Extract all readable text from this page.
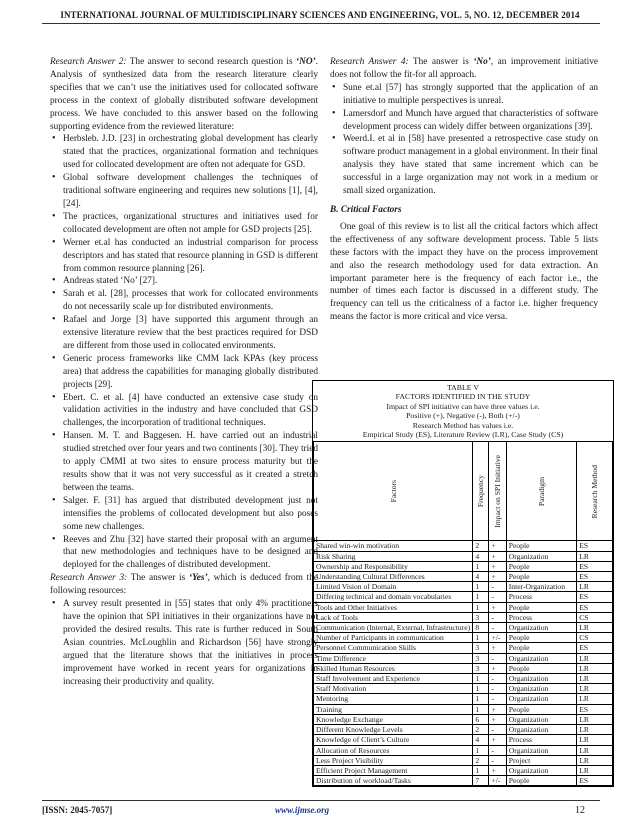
INTERNATIONAL JOURNAL OF MULTIDISCIPLINARY SCIENCES AND ENGINEERING, VOL. 5, NO. 12, DECEMBER 2014

Research Answer 2: The answer to second research question is ‘NO’. Analysis of synthesized data from the research literature clearly specifies that we can’t use the initiatives used for collocated software process in the context of globally distributed software development process. We have concluded to this answer based on the following supporting evidence from the reviewed literature:

• Herbsleb. J.D. [23] in orchestrating global development has clearly stated that the practices, organizational formation and techniques used for collocated development are often not adequate for GSD.
• Global software development challenges the techniques of traditional software engineering and requires new solutions [1], [4], [24].
• The practices, organizational structures and initiatives used for collocated development are often not ample for GSD projects [25].
• Werner et.al has conducted an industrial comparison for process descriptors and has stated that resource planning in GSD is different from common resource planning [26].
• Andreas stated ‘No’ [27].
• Sarah et al. [28], processes that work for collocated environments do not necessarily scale up for distributed environments.
• Rafael and Jorge [3] have supported this argument through an extensive literature review that the best practices required for DSD are different from those used in collocated environments.
• Generic process frameworks like CMM lack KPAs (key process area) that address the capabilities for managing globally distributed projects [29].
• Ebert. C. et al. [4] have conducted an extensive case study on validation activities in the industry and have concluded that GSD challenges, the incorporation of traditional techniques.
• Hansen. M. T. and Baggesen. H. have carried out an industrial studied stretched over four years and two continents [30]. They tried to apply CMMI at two sites to ensure process maturity but the results show that it was not very successful as it created a stretch between the teams.
• Salger. F. [31] has argued that distributed development just not intensifies the problems of collocated development but also poses some new challenges.
• Reeves and Zhu [32] have started their proposal with an argument that new methodologies and techniques have to be designed and deployed for the challenges of distributed development.

Research Answer 3: The answer is ‘Yes’, which is deduced from the following resources:

• A survey result presented in [55] states that only 4% practitioners have the opinion that SPI initiatives in their organizations have not provided the desired results. This rate is further reduced in South Asian countries. McLoughlin and Richardson [56] have strongly argued that the literature shows that the initiatives in process improvement have worked in recent years for organizations in increasing their productivity and quality.

Research Answer 4: The answer is ‘No’, an improvement initiative does not follow the fit-for all approach.

• Sune et.al [57] has strongly supported that the application of an initiative to multiple perspectives is unreal.
• Lamersdorf and Munch have argued that characteristics of software development process can widely differ between organizations [39].
• Weerd.I. et al in [58] have presented a retrospective case study on software product management in a global environment. In their final analysis they have stated that same increment which can be successful in a large organization may not work in a medium or small sized organization.

B. Critical Factors

One goal of this review is to list all the critical factors which affect the effectiveness of any software development process. Table 5 lists these factors with the impact they have on the process improvement and also the research methodology used for data extraction. An important parameter here is the frequency of each factor i.e., the number of times each factor is discussed in a different study. The frequency can tell us the criticalness of a factor i.e. higher frequency means the factor is more critical and vice versa.

TABLE V
FACTORS IDENTIFIED IN THE STUDY
Impact of SPI initiative can have three values i.e.
Positive (+), Negative (-), Both (+/-)
Research Method has values i.e.
Empirical Study (ES), Literature Review (LR), Case Study (CS)
Factors	Frequency	Impact on SPI Initiative	Paradigm	Research Method

Shared win-win motivation	2	+	People	ES
Risk Sharing	4	+	Organization	LR
Ownership and Responsibility	1	+	People	ES
Understanding Cultural Differences	4	+	People	ES
Limited Vision of Domain	1	-	Inter-Organization	LR
Differing technical and domain vocabularies	1	-	Process	ES
Tools and Other Initiatives	1	+	People	ES
Lack of Tools	3	-	Process	CS
Communication (Internal, External, Infrastructure)	8	-	Organization	LR
Number of Participants in communication	1	+/-	People	CS
Personnel Communication Skills	3	+	People	ES
Time Difference	3	-	Organization	LR
Skilled Human Resources	3	+	People	LR
Staff Involvement and Experience	1	-	Organization	LR
Staff Motivation	1	-	Organization	LR
Mentoring	1	-	Organization	LR
Training	1	+	People	ES
Knowledge Exchange	6	+	Organization	LR
Different Knowledge Levels	2	-	Organization	LR
Knowledge of Client’s Culture	4	+	Process	LR
Allocation of Resources	1	-	Organization	LR
Less Project Visibility	2	-	Project	LR
Efficient Project Management	1	+	Organization	LR
Distribution of workload/Tasks	7	+/-	People	ES
[ISSN: 2045-7057]	www.ijmse.org	12
